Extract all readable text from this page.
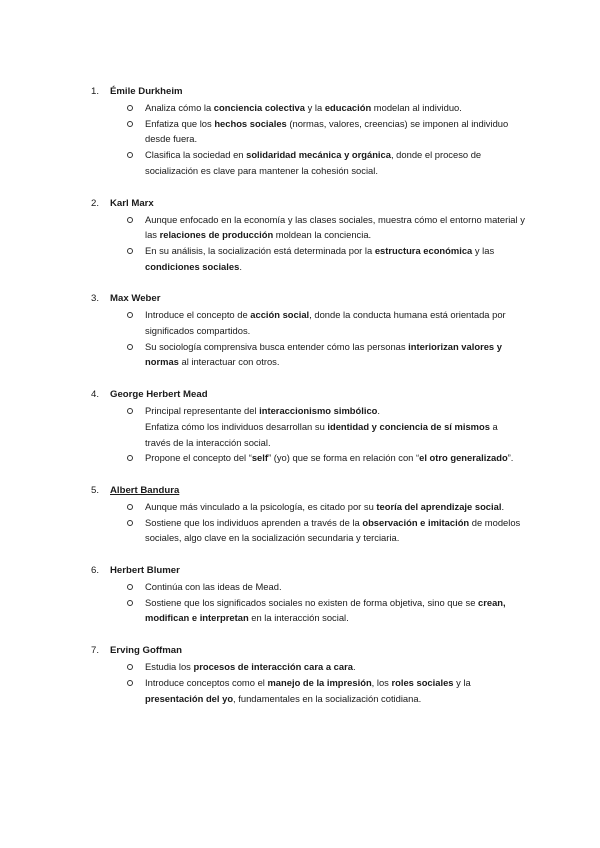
1. Émile Durkheim
Analiza cómo la conciencia colectiva y la educación modelan al individuo.
Enfatiza que los hechos sociales (normas, valores, creencias) se imponen al individuo desde fuera.
Clasifica la sociedad en solidaridad mecánica y orgánica, donde el proceso de socialización es clave para mantener la cohesión social.
2. Karl Marx
Aunque enfocado en la economía y las clases sociales, muestra cómo el entorno material y las relaciones de producción moldean la conciencia.
En su análisis, la socialización está determinada por la estructura económica y las condiciones sociales.
3. Max Weber
Introduce el concepto de acción social, donde la conducta humana está orientada por significados compartidos.
Su sociología comprensiva busca entender cómo las personas interiorizan valores y normas al interactuar con otros.
4. George Herbert Mead
Principal representante del interaccionismo simbólico.
Enfatiza cómo los individuos desarrollan su identidad y conciencia de sí mismos a través de la interacción social.
Propone el concepto del “self” (yo) que se forma en relación con “el otro generalizado”.
5. Albert Bandura
Aunque más vinculado a la psicología, es citado por su teoría del aprendizaje social.
Sostiene que los individuos aprenden a través de la observación e imitación de modelos sociales, algo clave en la socialización secundaria y terciaria.
6. Herbert Blumer
Continúa con las ideas de Mead.
Sostiene que los significados sociales no existen de forma objetiva, sino que se crean, modifican e interpretan en la interacción social.
7. Erving Goffman
Estudia los procesos de interacción cara a cara.
Introduce conceptos como el manejo de la impresión, los roles sociales y la presentación del yo, fundamentales en la socialización cotidiana.
